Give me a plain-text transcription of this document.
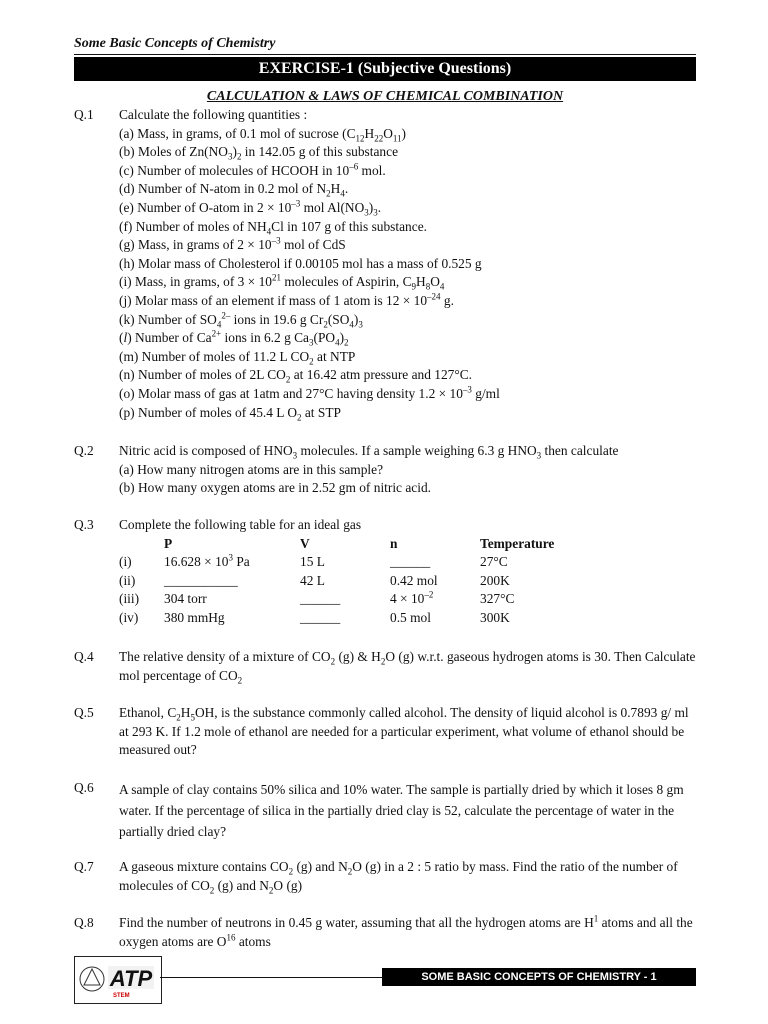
Some Basic Concepts of Chemistry
EXERCISE-1 (Subjective Questions)
CALCULATION & LAWS OF CHEMICAL COMBINATION
Q.1 Calculate the following quantities :
(a) Mass, in grams, of 0.1 mol of sucrose $(C_{12}H_{22}O_{11})$
(b) Moles of $Zn(NO_3)_2$ in 142.05 g of this substance
(c) Number of molecules of HCOOH in $10^{-6}$ mol.
(d) Number of N-atom in 0.2 mol of $N_2H_4$.
(e) Number of O-atom in $2 \times 10^{-3}$ mol $Al(NO_3)_3$.
(f) Number of moles of $NH_4Cl$ in 107 g of this substance.
(g) Mass, in grams of $2 \times 10^{-3}$ mol of CdS
(h) Molar mass of Cholesterol if 0.00105 mol has a mass of 0.525 g
(i) Mass, in grams, of $3 \times 10^{21}$ molecules of Aspirin, $C_9H_8O_4$
(j) Molar mass of an element if mass of 1 atom is $12 \times 10^{-24}$ g.
(k) Number of $SO_4^{2-}$ ions in 19.6 g $Cr_2(SO_4)_3$
(l) Number of $Ca^{2+}$ ions in 6.2 g $Ca_3(PO_4)_2$
(m) Number of moles of 11.2 L $CO_2$ at NTP
(n) Number of moles of 2L $CO_2$ at 16.42 atm pressure and 127°C.
(o) Molar mass of gas at 1atm and 27°C having density $1.2 \times 10^{-3}$ g/ml
(p) Number of moles of 45.4 L $O_2$ at STP
Q.2 Nitric acid is composed of $HNO_3$ molecules. If a sample weighing 6.3 g $HNO_3$ then calculate
(a) How many nitrogen atoms are in this sample?
(b) How many oxygen atoms are in 2.52 gm of nitric acid.
Q.3 Complete the following table for an ideal gas
	P	V	n	Temperature
(i)	$16.628 \times 10^3$ Pa	15 L	______	27°C
(ii)	___________	42 L	0.42 mol	200K
(iii)	304 torr	______	$4 \times 10^{-2}$	327°C
(iv)	380 mmHg	______	0.5 mol	300K
Q.4 The relative density of a mixture of $CO_2$ (g) & $H_2O$ (g) w.r.t. gaseous hydrogen atoms is 30. Then Calculate mol percentage of $CO_2$
Q.5 Ethanol, $C_2H_5OH$, is the substance commonly called alcohol. The density of liquid alcohol is 0.7893 g/ ml at 293 K. If 1.2 mole of ethanol are needed for a particular experiment, what volume of ethanol should be measured out?
Q.6 A sample of clay contains 50% silica and 10% water. The sample is partially dried by which it loses 8 gm water. If the percentage of silica in the partially dried clay is 52, calculate the percentage of water in the partially dried clay?
Q.7 A gaseous mixture contains $CO_2$ (g) and $N_2O$ (g) in a 2 : 5 ratio by mass. Find the ratio of the number of molecules of $CO_2$ (g) and $N_2O$ (g)
Q.8 Find the number of neutrons in 0.45 g water, assuming that all the hydrogen atoms are $H^1$ atoms and all the oxygen atoms are $O^{16}$ atoms
ATP
STEM
SOME BASIC CONCEPTS OF CHEMISTRY - 1
